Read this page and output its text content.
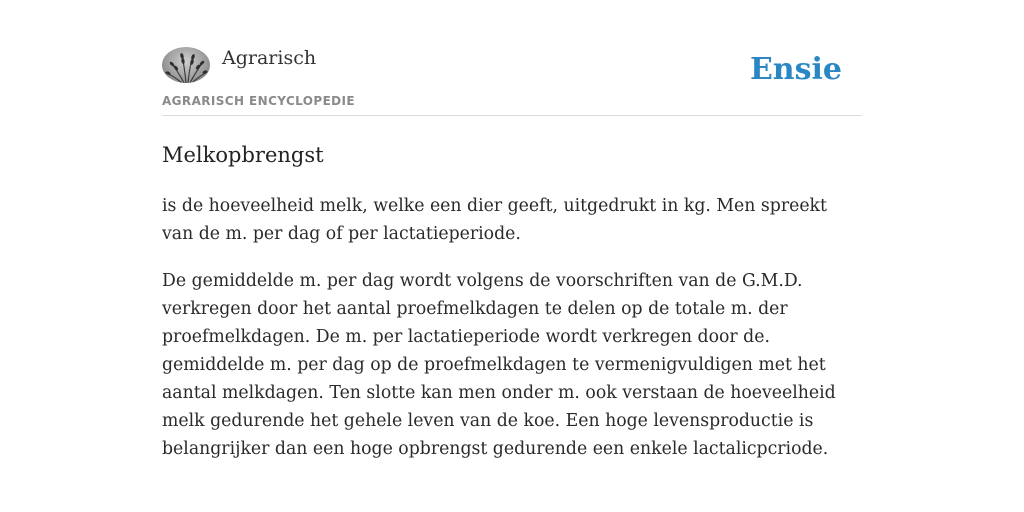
Agrarisch
AGRARISCH ENCYCLOPEDIE
Ensie
Melkopbrengst

is de hoeveelheid melk, welke een dier geeft, uitgedrukt in kg. Men spreekt van de m. per dag of per lactatieperiode.

De gemiddelde m. per dag wordt volgens de voorschriften van de G.M.D. verkregen door het aantal proefmelkdagen te delen op de totale m. der proefmelkdagen. De m. per lactatieperiode wordt verkregen door de. gemiddelde m. per dag op de proefmelkdagen te vermenigvuldigen met het aantal melkdagen. Ten slotte kan men onder m. ook verstaan de hoeveelheid melk gedurende het gehele leven van de koe. Een hoge levensproductie is belangrijker dan een hoge opbrengst gedurende een enkele lactalicpcriode.
